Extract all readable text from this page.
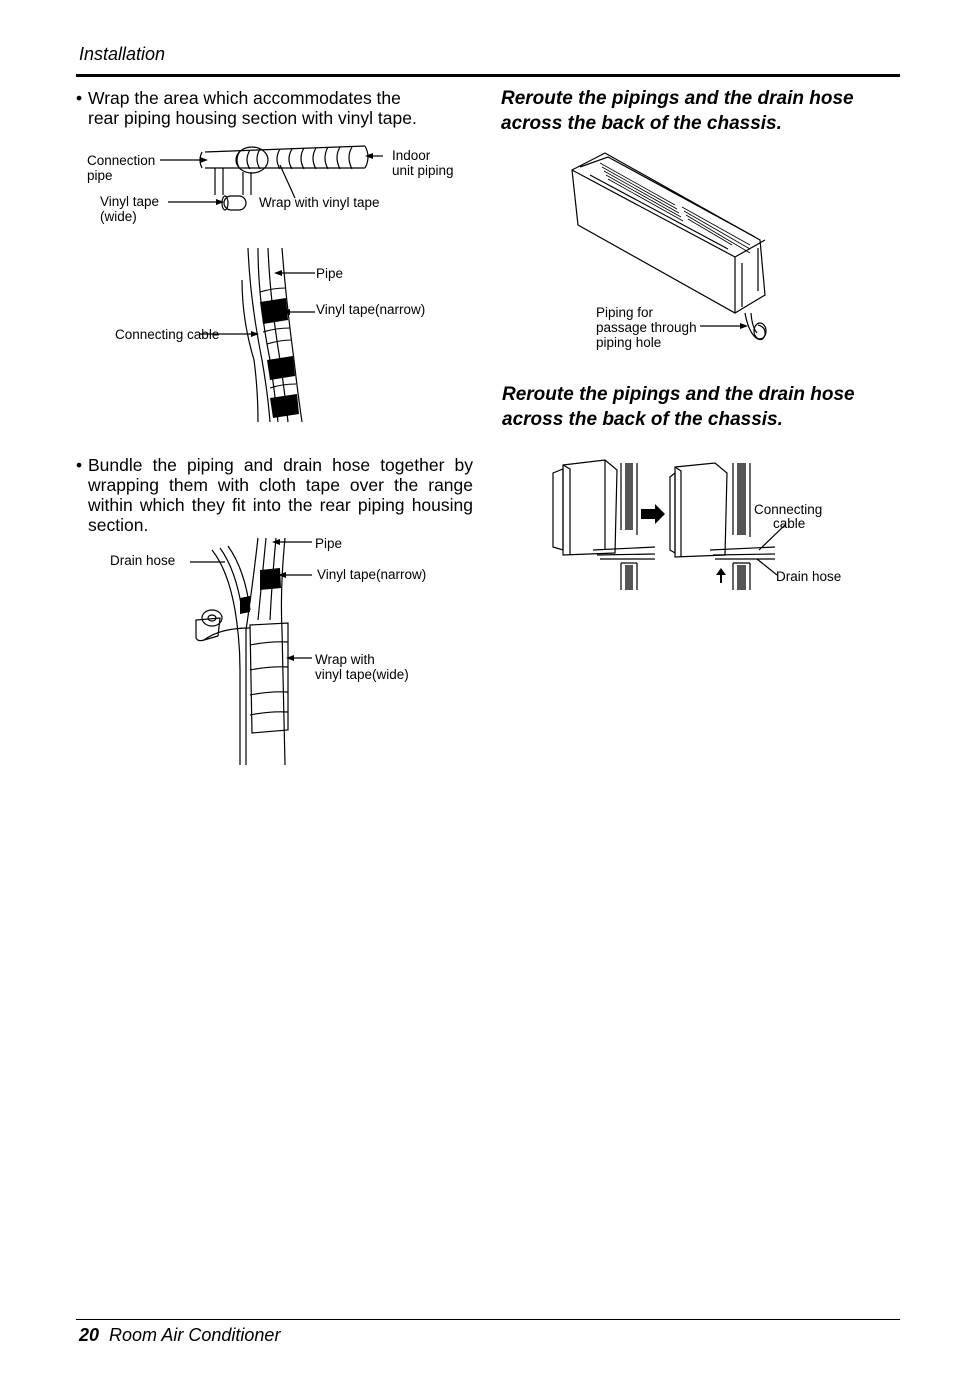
Installation
• Wrap the area which accommodates the rear piping housing section with vinyl tape.
Connection
pipe
Indoor
unit piping
Vinyl tape
(wide)
Wrap with vinyl tape
Pipe
Vinyl tape(narrow)
Connecting cable
• Bundle the piping and drain hose together by wrapping them with cloth tape over the range within which they fit into the rear piping housing section.
Drain hose
Pipe
Vinyl tape(narrow)
Wrap with
vinyl tape(wide)
Reroute the pipings and the drain hose
across the back of the chassis.
Piping for
passage through
piping hole
Reroute the pipings and the drain hose
across the back of the chassis.
Connecting
cable
Drain hose
20 Room Air Conditioner
